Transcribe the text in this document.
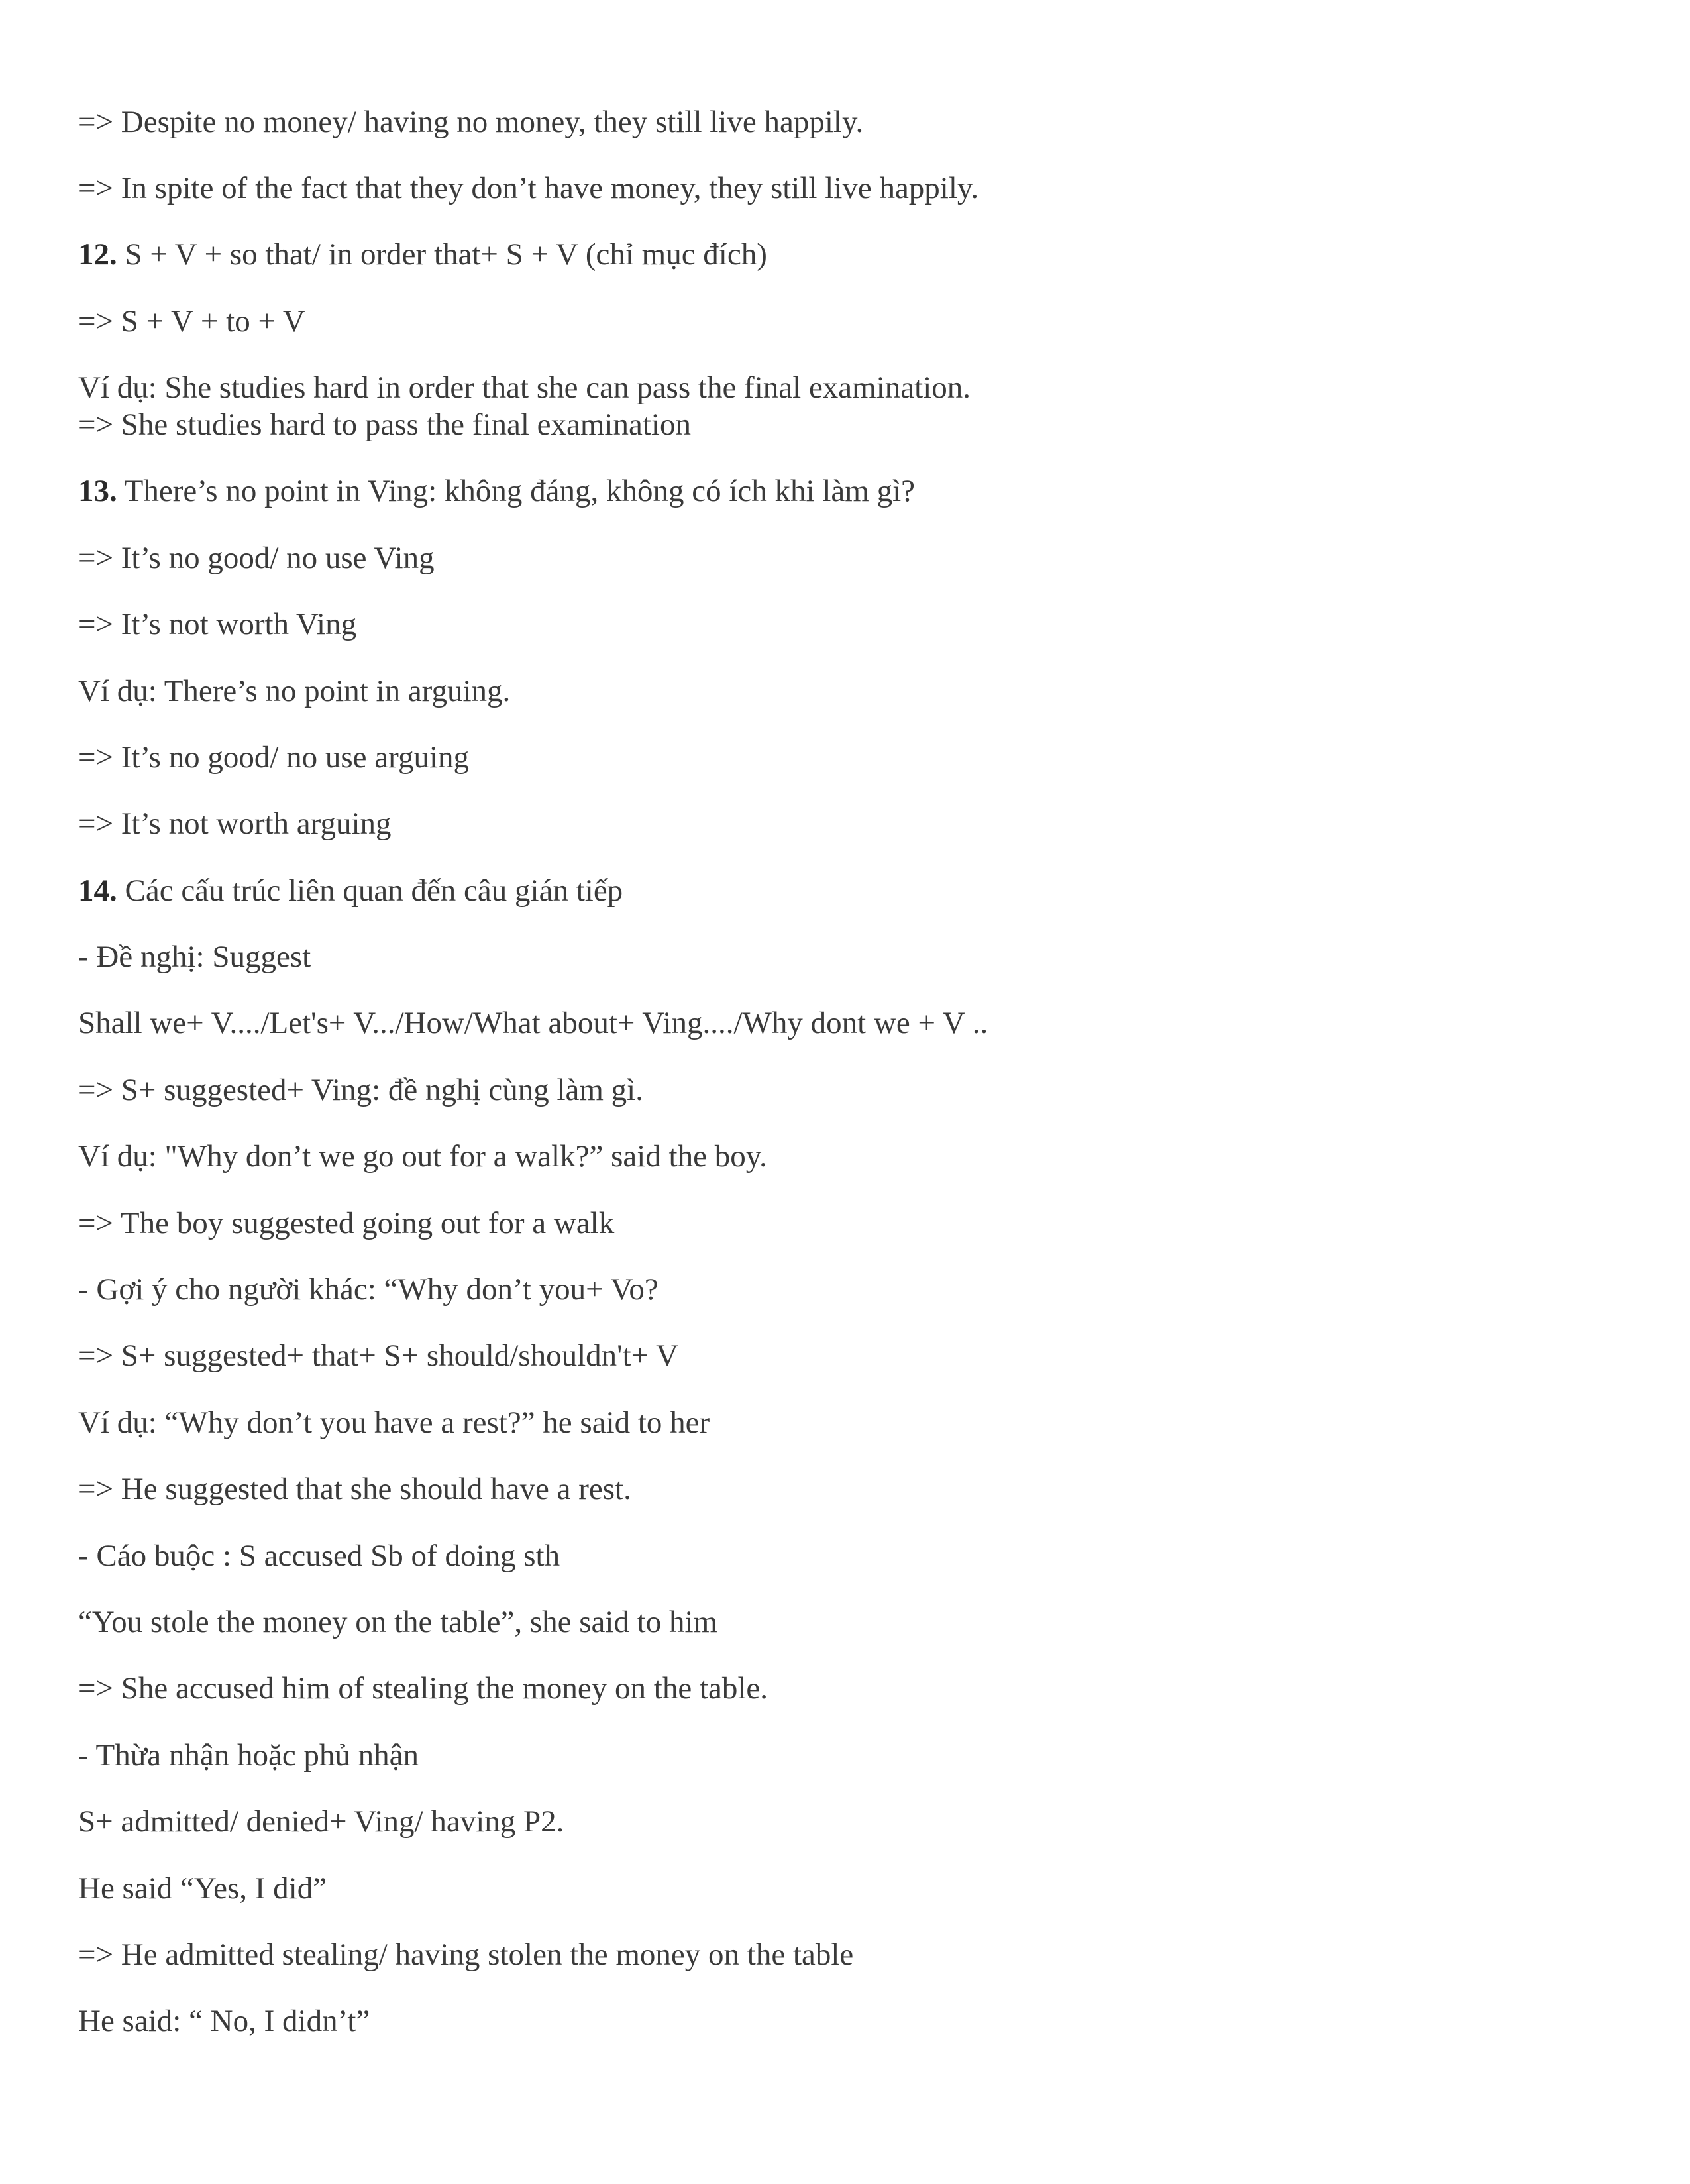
=> Despite no money/ having no money, they still live happily.

=> In spite of the fact that they don’t have money, they still live happily.

12. S + V + so that/ in order that+ S + V (chỉ mục đích)

=> S + V + to + V

Ví dụ: She studies hard in order that she can pass the final examination.

=> She studies hard to pass the final examination

13. There’s no point in Ving: không đáng, không có ích khi làm gì?

=> It’s no good/ no use Ving

=> It’s not worth Ving

Ví dụ: There’s no point in arguing.

=> It’s no good/ no use arguing

=> It’s not worth arguing

14. Các cấu trúc liên quan đến câu gián tiếp

- Đề nghị: Suggest

Shall we+ V..../Let's+ V.../How/What about+ Ving..../Why dont we + V ..

=> S+ suggested+ Ving: đề nghị cùng làm gì.

Ví dụ: "Why don’t we go out for a walk?” said the boy.

=> The boy suggested going out for a walk

- Gợi ý cho người khác: “Why don’t you+ Vo?

=> S+ suggested+ that+ S+ should/shouldn't+ V

Ví dụ: “Why don’t you have a rest?” he said to her

=> He suggested that she should have a rest.

- Cáo buộc : S accused Sb of doing sth

“You stole the money on the table”, she said to him

=> She accused him of stealing the money on the table.

- Thừa nhận hoặc phủ nhận

S+ admitted/ denied+ Ving/ having P2.

He said “Yes, I did”

=> He admitted stealing/ having stolen the money on the table

He said: “ No, I didn’t”
